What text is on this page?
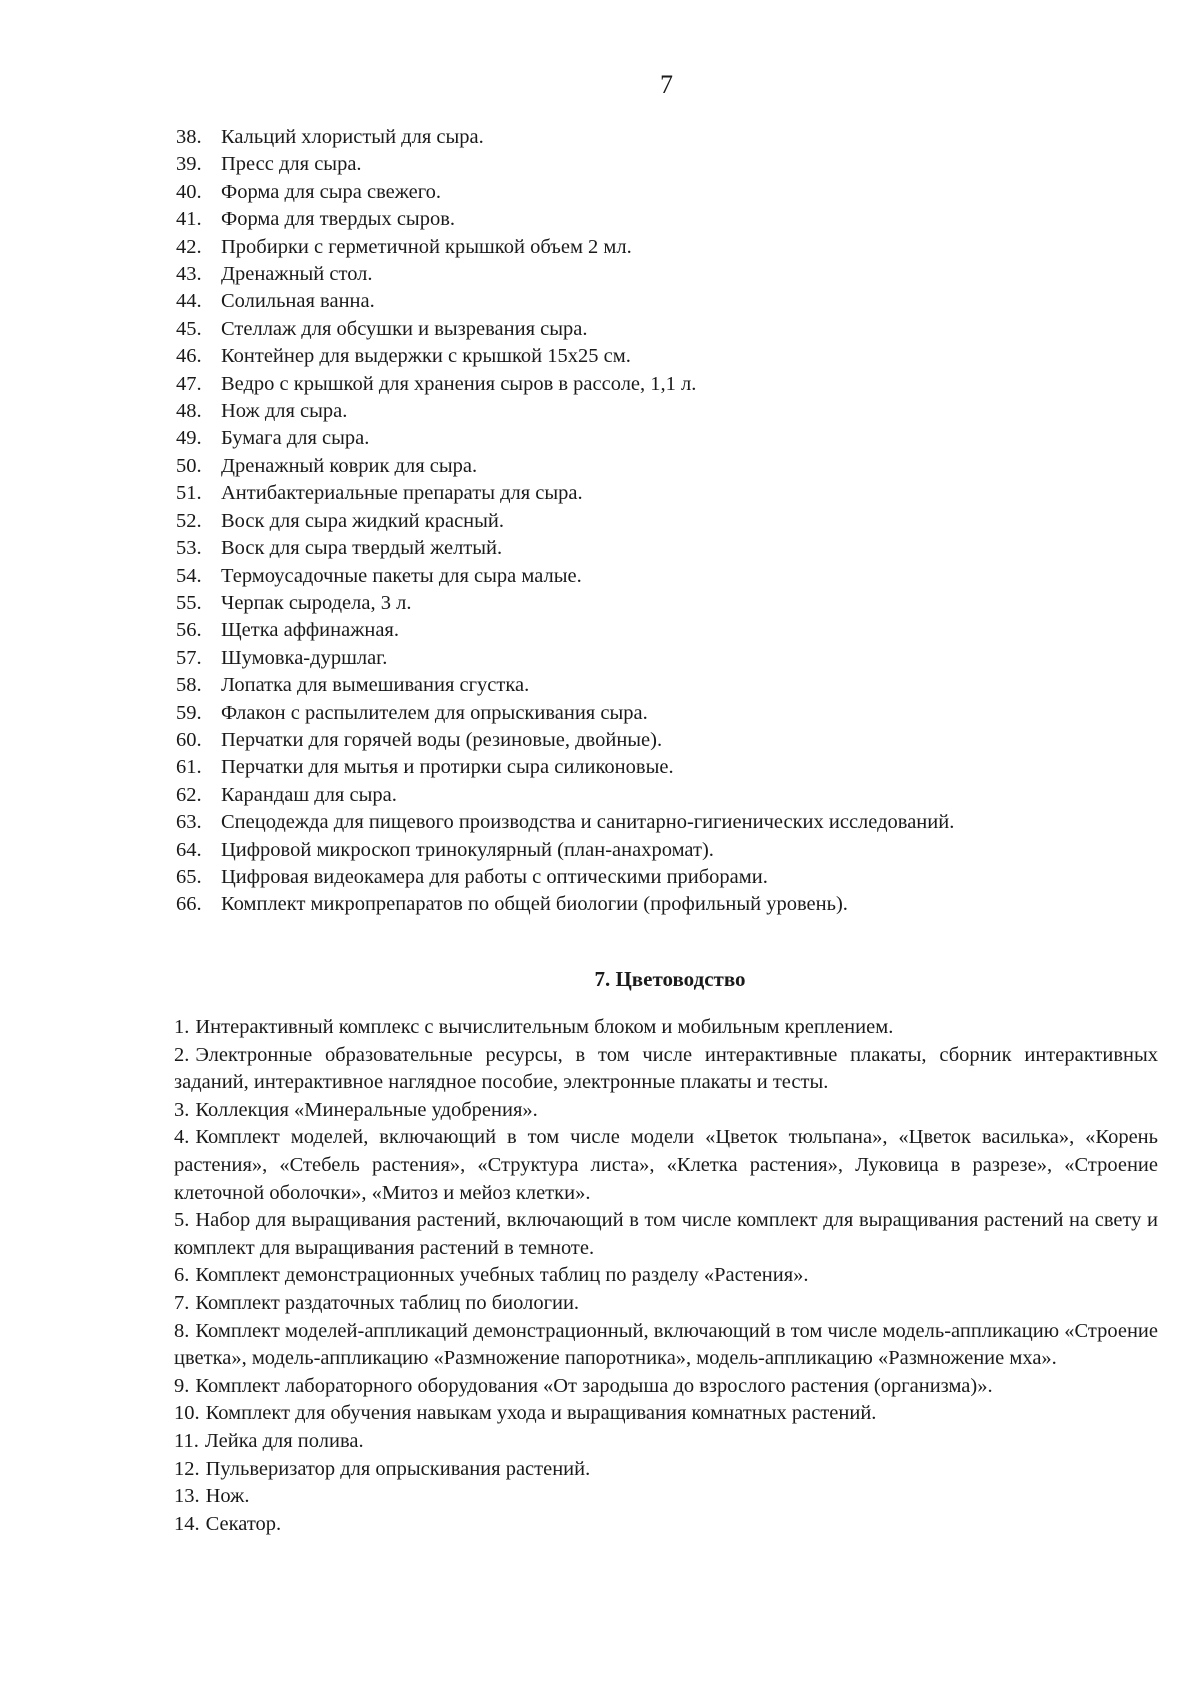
7
38. Кальций хлористый для сыра.
39. Пресс для сыра.
40. Форма для сыра свежего.
41. Форма для твердых сыров.
42. Пробирки с герметичной крышкой объем 2 мл.
43. Дренажный стол.
44. Солильная ванна.
45. Стеллаж для обсушки и вызревания сыра.
46. Контейнер для выдержки с крышкой 15х25 см.
47. Ведро с крышкой для хранения сыров в рассоле, 1,1 л.
48. Нож для сыра.
49. Бумага для сыра.
50. Дренажный коврик для сыра.
51. Антибактериальные препараты для сыра.
52. Воск для сыра жидкий красный.
53. Воск для сыра твердый желтый.
54. Термоусадочные пакеты для сыра малые.
55. Черпак сыродела, 3 л.
56. Щетка аффинажная.
57. Шумовка-дуршлаг.
58. Лопатка для вымешивания сгустка.
59. Флакон с распылителем для опрыскивания сыра.
60. Перчатки для горячей воды (резиновые, двойные).
61. Перчатки для мытья и протирки сыра силиконовые.
62. Карандаш для сыра.
63. Спецодежда для пищевого производства и санитарно-гигиенических исследований.
64. Цифровой микроскоп тринокулярный (план-анахромат).
65. Цифровая видеокамера для работы с оптическими приборами.
66. Комплект микропрепаратов по общей биологии (профильный уровень).
7. Цветоводство
1. Интерактивный комплекс с вычислительным блоком и мобильным креплением.
2. Электронные образовательные ресурсы, в том числе интерактивные плакаты, сборник интерактивных заданий, интерактивное наглядное пособие, электронные плакаты и тесты.
3. Коллекция «Минеральные удобрения».
4. Комплект моделей, включающий в том числе модели «Цветок тюльпана», «Цветок василька», «Корень растения», «Стебель растения», «Структура листа», «Клетка растения», Луковица в разрезе», «Строение клеточной оболочки», «Митоз и мейоз клетки».
5. Набор для выращивания растений, включающий в том числе комплект для выращивания растений на свету и комплект для выращивания растений в темноте.
6. Комплект демонстрационных учебных таблиц по разделу «Растения».
7. Комплект раздаточных таблиц по биологии.
8. Комплект моделей-аппликаций демонстрационный, включающий в том числе модель-аппликацию «Строение цветка», модель-аппликацию «Размножение папоротника», модель-аппликацию «Размножение мха».
9. Комплект лабораторного оборудования «От зародыша до взрослого растения (организма)».
10. Комплект для обучения навыкам ухода и выращивания комнатных растений.
11. Лейка для полива.
12. Пульверизатор для опрыскивания растений.
13. Нож.
14. Секатор.
